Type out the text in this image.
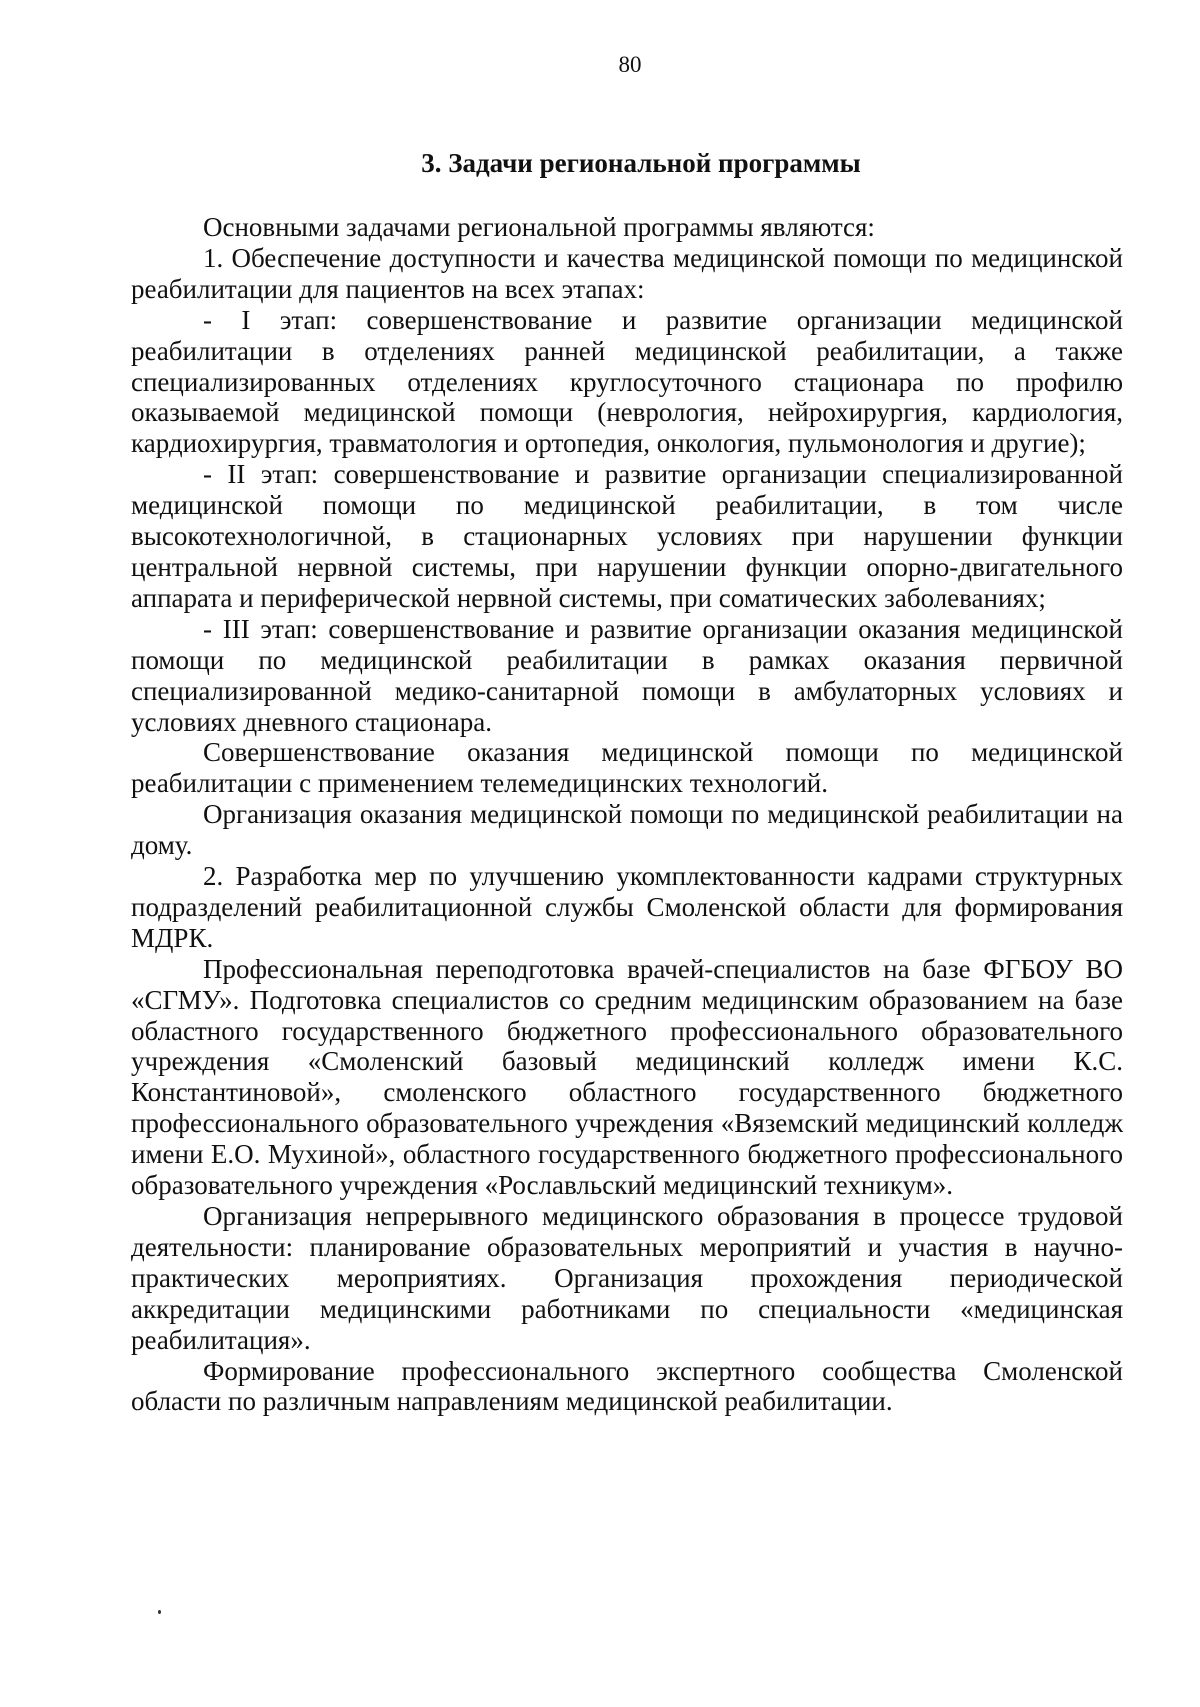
80
3. Задачи региональной программы

Основными задачами региональной программы являются:

1. Обеспечение доступности и качества медицинской помощи по медицинской реабилитации для пациентов на всех этапах:

- I этап: совершенствование и развитие организации медицинской реабилитации в отделениях ранней медицинской реабилитации, а также специализированных отделениях круглосуточного стационара по профилю оказываемой медицинской помощи (неврология, нейрохирургия, кардиология, кардиохирургия, травматология и ортопедия, онкология, пульмонология и другие);

- II этап: совершенствование и развитие организации специализированной медицинской помощи по медицинской реабилитации, в том числе высокотехнологичной, в стационарных условиях при нарушении функции центральной нервной системы, при нарушении функции опорно-двигательного аппарата и периферической нервной системы, при соматических заболеваниях;

- III этап: совершенствование и развитие организации оказания медицинской помощи по медицинской реабилитации в рамках оказания первичной специализированной медико-санитарной помощи в амбулаторных условиях и условиях дневного стационара.

Совершенствование оказания медицинской помощи по медицинской реабилитации с применением телемедицинских технологий.

Организация оказания медицинской помощи по медицинской реабилитации на дому.

2. Разработка мер по улучшению укомплектованности кадрами структурных подразделений реабилитационной службы Смоленской области для формирования МДРК.

Профессиональная переподготовка врачей-специалистов на базе ФГБОУ ВО «СГМУ». Подготовка специалистов со средним медицинским образованием на базе областного государственного бюджетного профессионального образовательного учреждения «Смоленский базовый медицинский колледж имени К.С. Константиновой», смоленского областного государственного бюджетного профессионального образовательного учреждения «Вяземский медицинский колледж имени Е.О. Мухиной», областного государственного бюджетного профессионального образовательного учреждения «Рославльский медицинский техникум».

Организация непрерывного медицинского образования в процессе трудовой деятельности: планирование образовательных мероприятий и участия в научно-практических мероприятиях. Организация прохождения периодической аккредитации медицинскими работниками по специальности «медицинская реабилитация».

Формирование профессионального экспертного сообщества Смоленской области по различным направлениям медицинской реабилитации.
